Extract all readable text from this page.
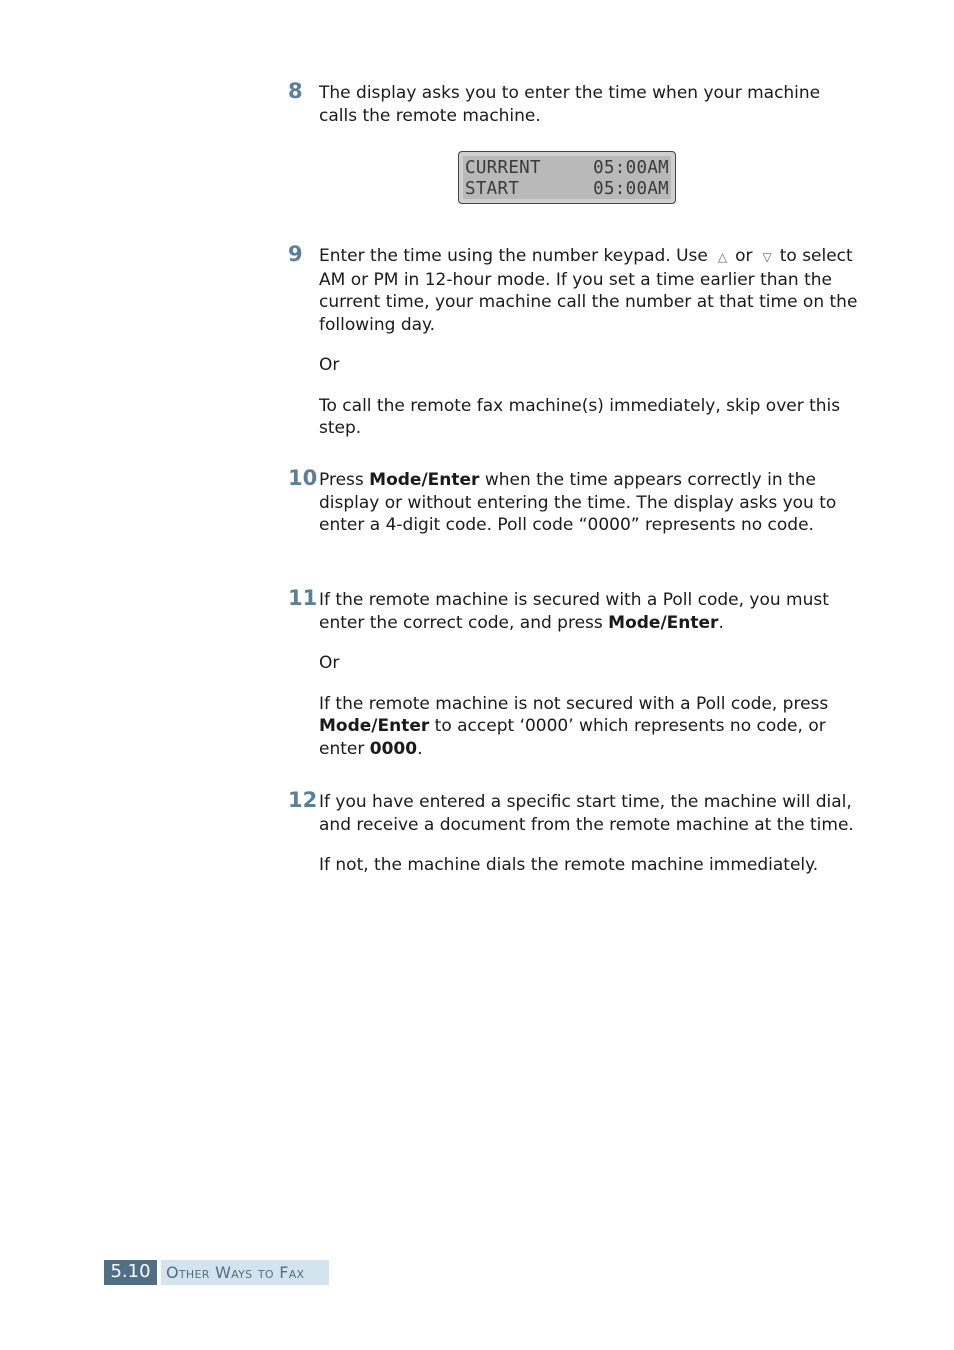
8 The display asks you to enter the time when your machine calls the remote machine.

CURRENT	05:00AM
START	05:00AM
9 Enter the time using the number keypad. Use △ or ▽ to select AM or PM in 12-hour mode. If you set a time earlier than the current time, your machine call the number at that time on the following day.

Or

To call the remote fax machine(s) immediately, skip over this step.

10 Press Mode/Enter when the time appears correctly in the display or without entering the time. The display asks you to enter a 4-digit code. Poll code “0000” represents no code.

11 If the remote machine is secured with a Poll code, you must enter the correct code, and press Mode/Enter.

Or

If the remote machine is not secured with a Poll code, press Mode/Enter to accept ‘0000’ which represents no code, or enter 0000.

12 If you have entered a specific start time, the machine will dial, and receive a document from the remote machine at the time.

If not, the machine dials the remote machine immediately.

5.10 Other Ways to Fax
